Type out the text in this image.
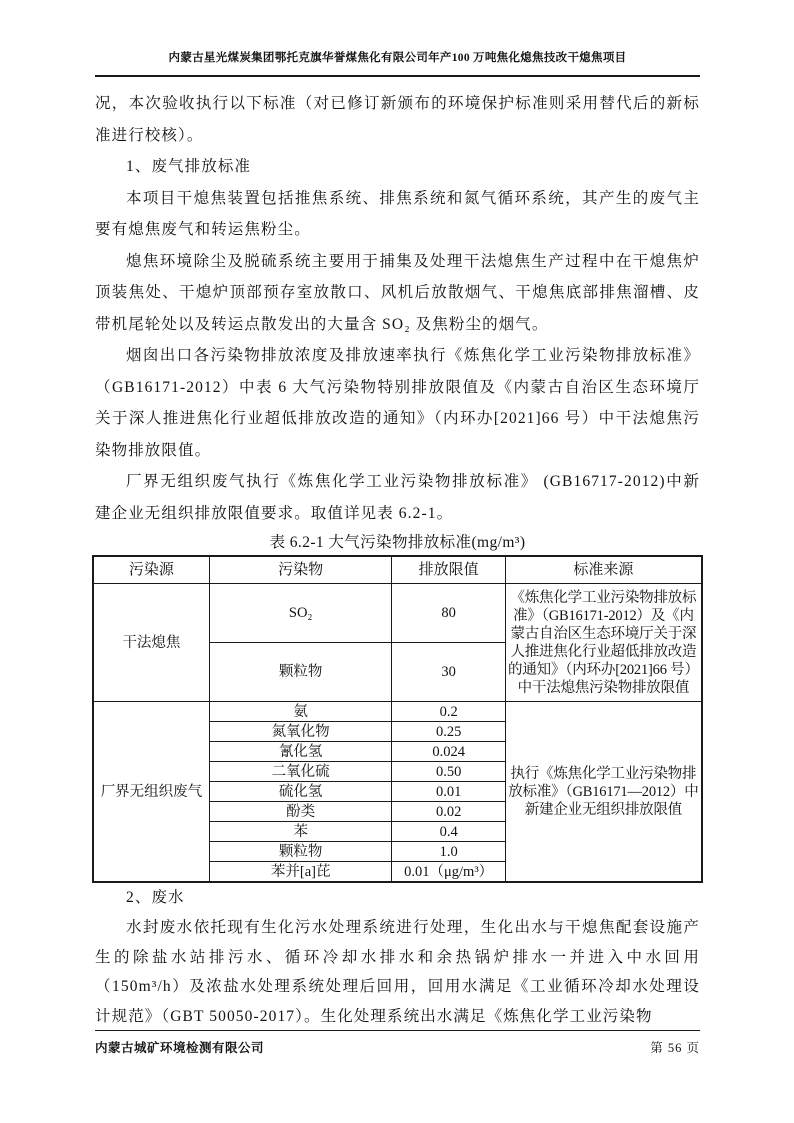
内蒙古星光煤炭集团鄂托克旗华誉煤焦化有限公司年产100 万吨焦化熄焦技改干熄焦项目

况，本次验收执行以下标准（对已修订新颁布的环境保护标准则采用替代后的新标准进行校核）。

1、废气排放标准

本项目干熄焦装置包括推焦系统、排焦系统和氮气循环系统，其产生的废气主要有熄焦废气和转运焦粉尘。

熄焦环境除尘及脱硫系统主要用于捕集及处理干法熄焦生产过程中在干熄焦炉顶装焦处、干熄炉顶部预存室放散口、风机后放散烟气、干熄焦底部排焦溜槽、皮带机尾轮处以及转运点散发出的大量含 SO₂ 及焦粉尘的烟气。

烟囱出口各污染物排放浓度及排放速率执行《炼焦化学工业污染物排放标准》 （GB16171-2012）中表 6 大气污染物特别排放限值及《内蒙古自治区生态环境厅关于深人推进焦化行业超低排放改造的通知》（内环办[2021]66 号）中干法熄焦污染物排放限值。

厂界无组织废气执行《炼焦化学工业污染物排放标准》 (GB16717-2012)中新建企业无组织排放限值要求。取值详见表 6.2-1。

表 6.2-1 大气污染物排放标准(mg/m³)
污染源	污染物	排放限值	标准来源
干法熄焦	SO₂	80	《炼焦化学工业污染物排放标准》（GB16171-2012）及《内蒙古自治区生态环境厅关于深人推进焦化行业超低排放改造的通知》（内环办[2021]66 号）中干法熄焦污染物排放限值
	颗粒物	30	
厂界无组织废气	氨	0.2	执行《炼焦化学工业污染物排放标准》（GB16171—2012）中新建企业无组织排放限值
	氮氧化物	0.25	
	氰化氢	0.024	
	二氧化硫	0.50	
	硫化氢	0.01	
	酚类	0.02	
	苯	0.4	
	颗粒物	1.0	
	苯并[a]芘	0.01（μg/m³）	

2、废水

水封废水依托现有生化污水处理系统进行处理，生化出水与干熄焦配套设施产生的除盐水站排污水、循环冷却水排水和余热锅炉排水一并进入中水回用（150m³/h）及浓盐水处理系统处理后回用，回用水满足《工业循环冷却水处理设计规范》（GBT 50050-2017）。生化处理系统出水满足《炼焦化学工业污染物

内蒙古城矿环境检测有限公司	第 56 页
